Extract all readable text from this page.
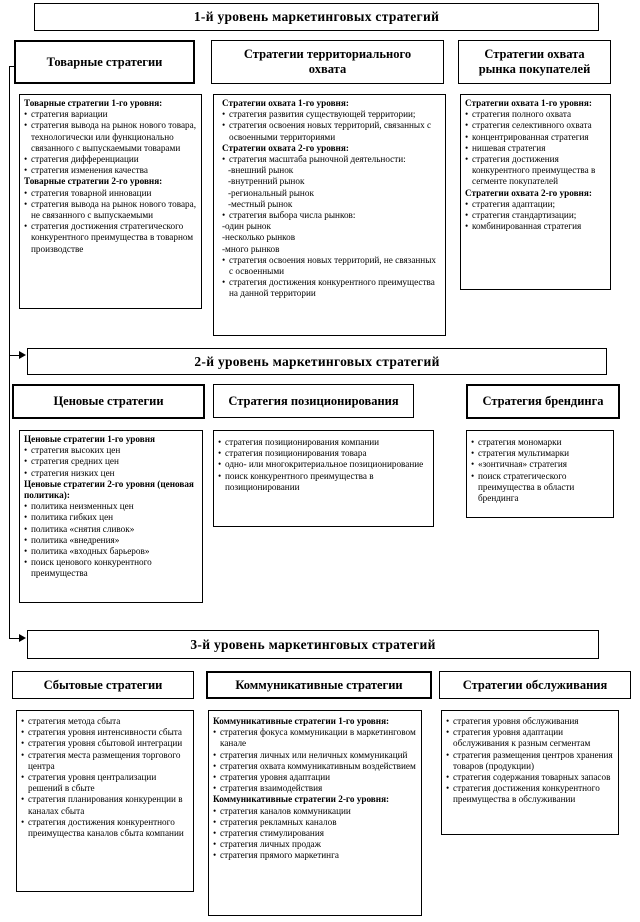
1-й уровень маркетинговых стратегий
Товарные стратегии
Стратегии территориального охвата
Стратегии охвата рынка покупателей
Товарные стратегии 1-го уровня:
• стратегия вариации
• стратегия вывода на рынок нового товара, технологически или функционально связанного с выпускаемыми товарами
• стратегия дифференциации
• стратегия изменения качества
Товарные стратегии 2-го уровня:
• стратегия товарной инновации
• стратегия вывода на рынок нового товара, не связанного с выпускаемыми
• стратегия достижения стратегического конкурентного преимущества в товарном производстве
Стратегии охвата 1-го уровня:
• стратегия развития существующей территории;
• стратегия освоения новых территорий, связанных с освоенными территориями
Стратегии охвата 2-го уровня:
• стратегия масштаба рыночной деятельности:
-внешний рынок
-внутренний рынок
-региональный рынок
-местный рынок
• стратегия выбора числа рынков:
-один рынок
-несколько рынков
-много рынков
• стратегия освоения новых территорий, не связанных с освоенными
• стратегия достижения конкурентного преимущества на данной территории
Стратегии охвата 1-го уровня:
• стратегия полного охвата
• стратегия селективного охвата
• концентрированная стратегия
• нишевая стратегия
• стратегия достижения конкурентного преимущества в сегменте покупателей
Стратегии охвата 2-го уровня:
• стратегия адаптации;
• стратегия стандартизации;
• комбинированная стратегия
2-й уровень маркетинговых стратегий
Ценовые стратегии	Стратегия позиционирования	Стратегия брендинга
Ценовые стратегии 1-го уровня
• стратегия высоких цен
• стратегия средних цен
• стратегия низких цен
Ценовые стратегии 2-го уровня (ценовая политика):
• политика неизменных цен
• политика гибких цен
• политика «снятия сливок»
• политика «внедрения»
• политика «входных барьеров»
• поиск ценового конкурентного преимущества
• стратегия позиционирования компании
• стратегия позиционирования товара
• одно- или многокритериальное позиционирование
• поиск конкурентного преимущества в позиционировании
• стратегия мономарки
• стратегия мультимарки
• «зонтичная» стратегия
• поиск стратегического преимущества в области брендинга
3-й уровень маркетинговых стратегий
Сбытовые стратегии	Коммуникативные стратегии	Стратегии обслуживания
• стратегия метода сбыта
• стратегия уровня интенсивности сбыта
• стратегия уровня сбытовой интеграции
• стратегия места размещения торгового центра
• стратегия уровня централизации решений в сбыте
• стратегия планирования конкуренции в каналах сбыта
• стратегия достижения конкурентного преимущества каналов сбыта компании
Коммуникативные стратегии 1-го уровня:
• стратегия фокуса коммуникации в маркетинговом канале
• стратегия личных или неличных коммуникаций
• стратегия охвата коммуникативным воздействием
• стратегия уровня адаптации
• стратегия взаимодействия
Коммуникативные стратегии 2-го уровня:
• стратегия каналов коммуникации
• стратегия рекламных каналов
• стратегия стимулирования
• стратегия личных продаж
• стратегия прямого маркетинга
• стратегия уровня обслуживания
• стратегия уровня адаптации обслуживания к разным сегментам
• стратегия размещения центров хранения товаров (продукции)
• стратегия содержания товарных запасов
• стратегия достижения конкурентного преимущества в обслуживании
